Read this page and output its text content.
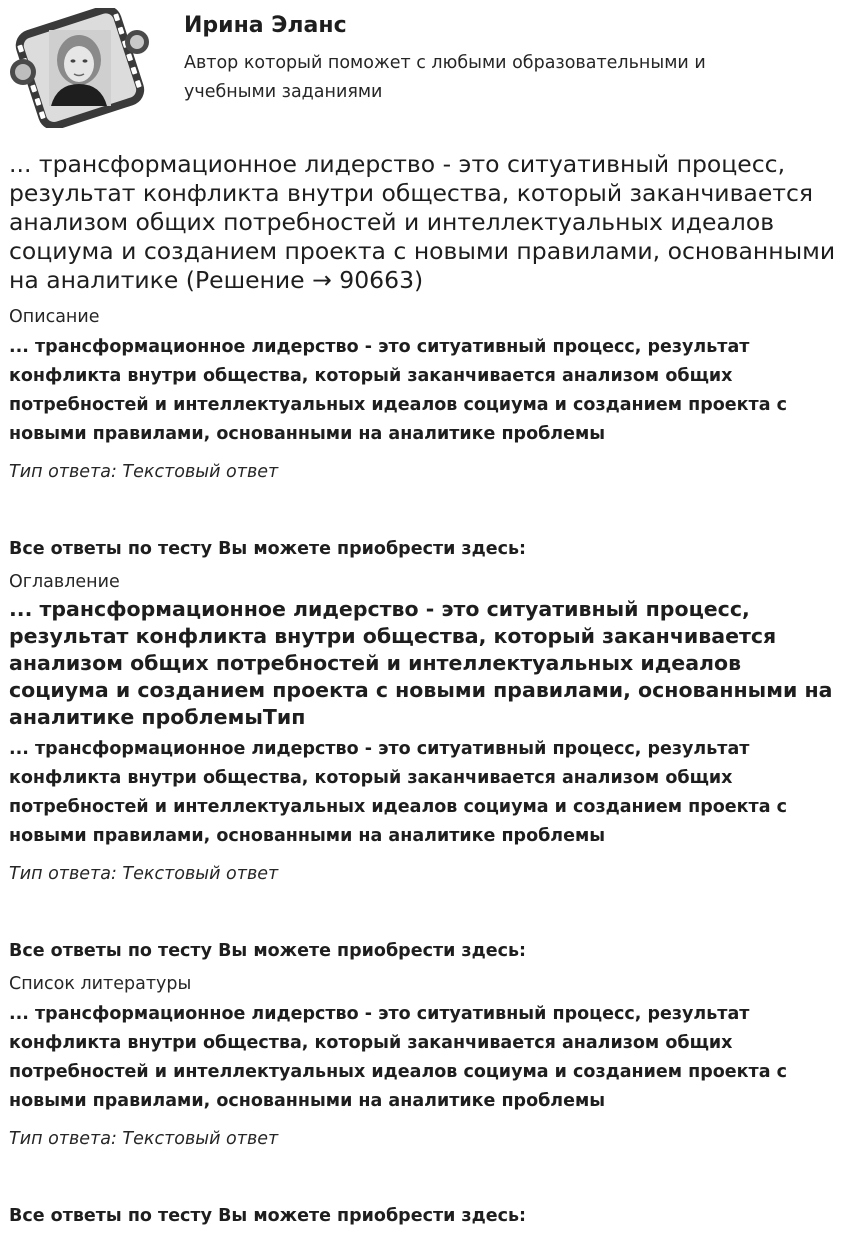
Ирина Эланс
Автор который поможет с любыми образовательными и учебными заданиями
... трансформационное лидерство - это ситуативный процесс, результат конфликта внутри общества, который заканчивается анализом общих потребностей и интеллектуальных идеалов социума и созданием проекта с новыми правилами, основанными на аналитике (Решение → 90663)
Описание
... трансформационное лидерство - это ситуативный процесс, результат конфликта внутри общества, который заканчивается анализом общих потребностей и интеллектуальных идеалов социума и созданием проекта с новыми правилами, основанными на аналитике проблемы
Тип ответа: Текстовый ответ
Все ответы по тесту Вы можете приобрести здесь:
Оглавление
... трансформационное лидерство - это ситуативный процесс, результат конфликта внутри общества, который заканчивается анализом общих потребностей и интеллектуальных идеалов социума и созданием проекта с новыми правилами, основанными на аналитике проблемыТип
... трансформационное лидерство - это ситуативный процесс, результат конфликта внутри общества, который заканчивается анализом общих потребностей и интеллектуальных идеалов социума и созданием проекта с новыми правилами, основанными на аналитике проблемы
Тип ответа: Текстовый ответ
Все ответы по тесту Вы можете приобрести здесь:
Список литературы
... трансформационное лидерство - это ситуативный процесс, результат конфликта внутри общества, который заканчивается анализом общих потребностей и интеллектуальных идеалов социума и созданием проекта с новыми правилами, основанными на аналитике проблемы
Тип ответа: Текстовый ответ
Все ответы по тесту Вы можете приобрести здесь:
